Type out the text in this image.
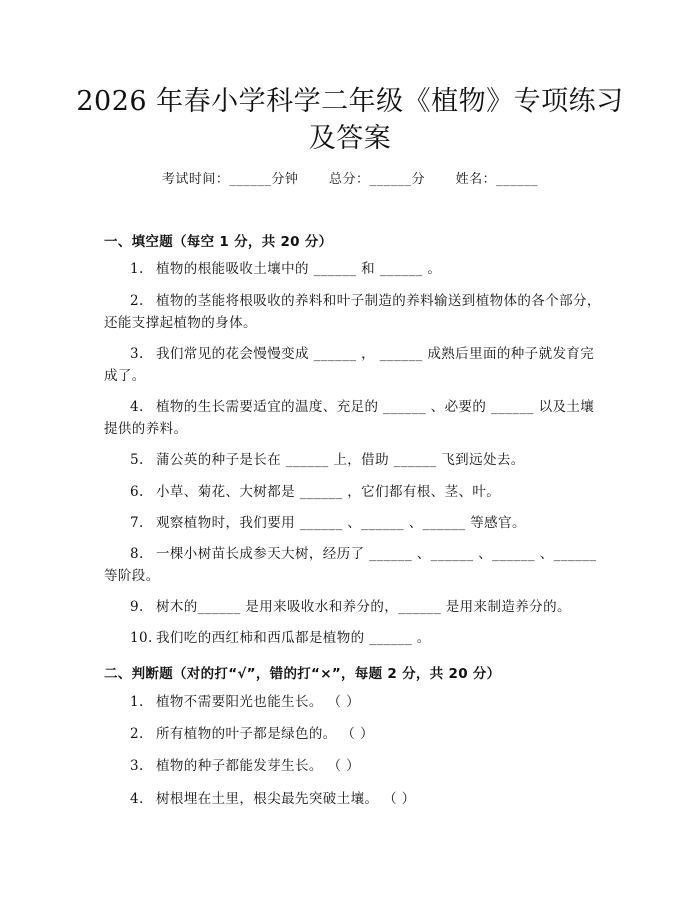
2026 年春小学科学二年级《植物》专项练习
及答案
考试时间：______分钟 总分：______分 姓名：______
一、填空题（每空 1 分，共 20 分）
1. 植物的根能吸收土壤中的 ______ 和 ______ 。
2. 植物的茎能将根吸收的养料和叶子制造的养料输送到植物体的各个部分，还能支撑起植物的身体。
3. 我们常见的花会慢慢变成 ______ ， ______ 成熟后里面的种子就发育完成了。
4. 植物的生长需要适宜的温度、充足的 ______ 、必要的 ______ 以及土壤提供的养料。
5. 蒲公英的种子是长在 ______ 上，借助 ______ 飞到远处去。
6. 小草、菊花、大树都是 ______ ，它们都有根、茎、叶。
7. 观察植物时，我们要用 ______ 、______ 、______ 等感官。
8. 一棵小树苗长成参天大树，经历了 ______ 、______ 、______ 、______ 等阶段。
9. 树木的______ 是用来吸收水和养分的，______ 是用来制造养分的。
10. 我们吃的西红柿和西瓜都是植物的 ______ 。
二、判断题（对的打“√”，错的打“×”，每题 2 分，共 20 分）
1. 植物不需要阳光也能生长。 （ ）
2. 所有植物的叶子都是绿色的。 （ ）
3. 植物的种子都能发芽生长。 （ ）
4. 树根埋在土里，根尖最先突破土壤。 （ ）
